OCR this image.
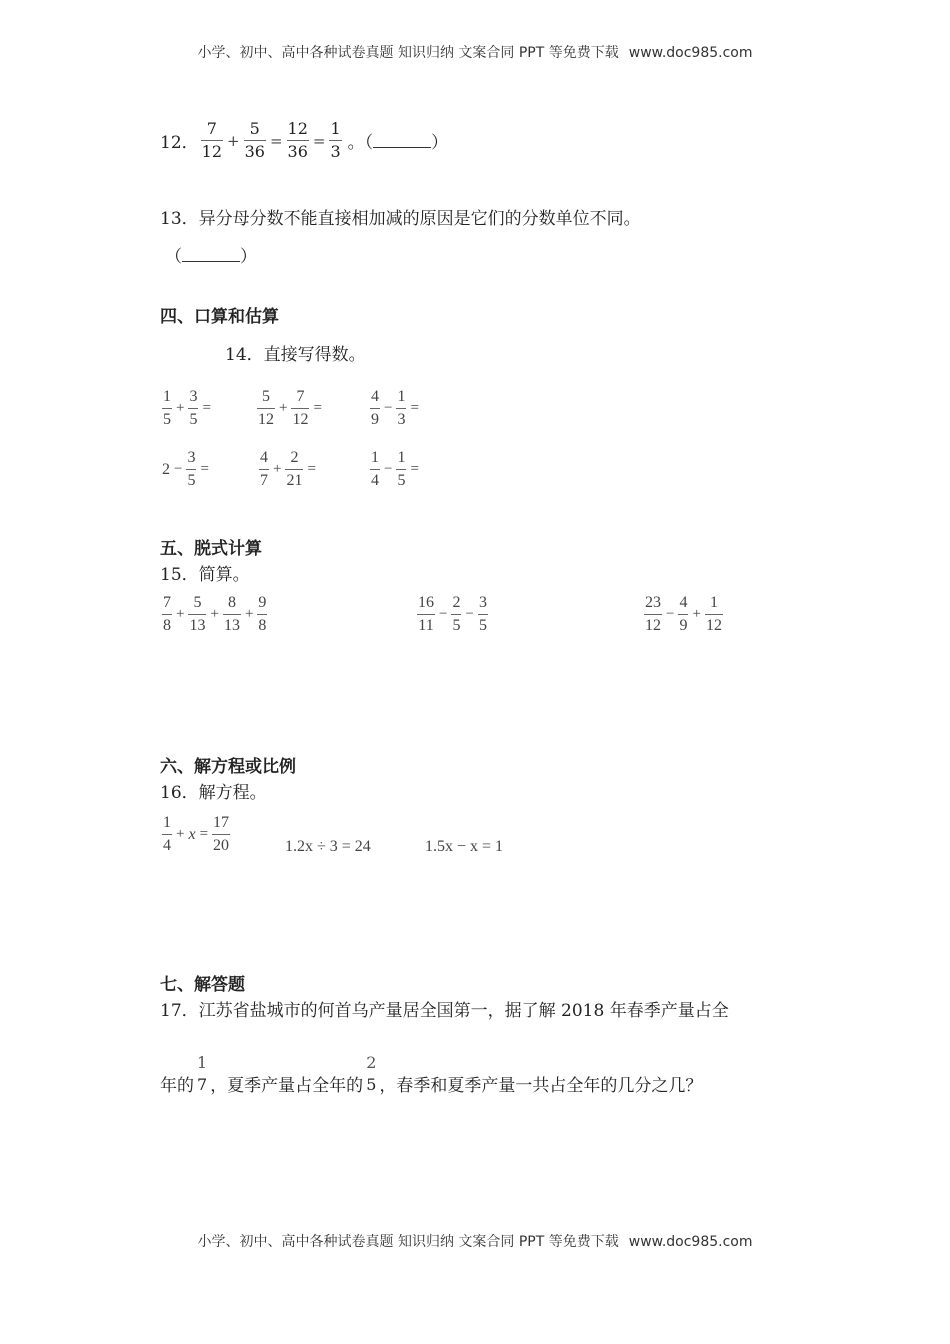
小学、初中、高中各种试卷真题 知识归纳 文案合同 PPT 等免费下载 www.doc985.com
12． $\frac{7}{12} + \frac{5}{36} = \frac{12}{36} = \frac{1}{3}$ 。（	）
13．异分母分数不能直接相加减的原因是它们的分数单位不同。
（	）
四、口算和估算
14．直接写得数。
$\frac{1}{5} + \frac{3}{5}$ =	$\frac{5}{12} + \frac{7}{12}$ =	$\frac{4}{9} - \frac{1}{3}$ =
$2 - \frac{3}{5}$ =	$\frac{4}{7} + \frac{2}{21}$ =	$\frac{1}{4} - \frac{1}{5}$ =
五、脱式计算
15．简算。
$\frac{7}{8} + \frac{5}{13} + \frac{8}{13} + \frac{9}{8}$	$\frac{16}{11} - \frac{2}{5} - \frac{3}{5}$	$\frac{23}{12} - \frac{4}{9} + \frac{1}{12}$
六、解方程或比例
16．解方程。
$\frac{1}{4} + x = \frac{17}{20}$	1.2x ÷ 3 = 24	1.5x − x = 1
七、解答题
17．江苏省盐城市的何首乌产量居全国第一，据了解 2018 年春季产量占全
年的
1
7 ，夏季产量占全年的
2
5 ，春季和夏季产量一共占全年的几分之几？
小学、初中、高中各种试卷真题 知识归纳 文案合同 PPT 等免费下载 www.doc985.com
